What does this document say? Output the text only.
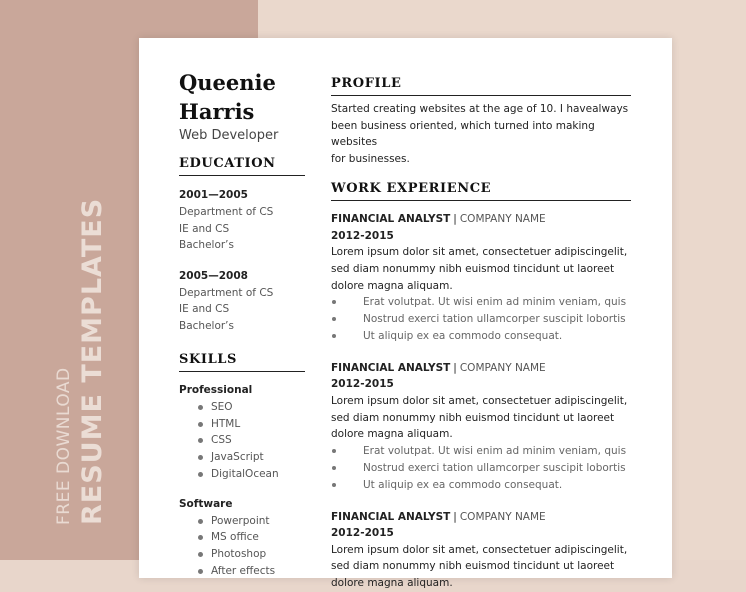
FREE DOWNLOAD RESUME TEMPLATES
Queenie
Harris
Web Developer
EDUCATION
2001—2005
Department of CS
IE and CS
Bachelor’s
2005—2008
Department of CS
IE and CS
Bachelor’s
SKILLS
Professional
SEO
HTML
CSS
JavaScript
DigitalOcean
Software
Powerpoint
MS office
Photoshop
After effects
PROFILE
Started creating websites at the age of 10. I havealways
been business oriented, which turned into making websites
for businesses.
WORK EXPERIENCE
FINANCIAL ANALYST | COMPANY NAME
2012-2015
Lorem ipsum dolor sit amet, consectetuer adipiscingelit,
sed diam nonummy nibh euismod tincidunt ut laoreet
dolore magna aliquam.
Erat volutpat. Ut wisi enim ad minim veniam, quis
Nostrud exerci tation ullamcorper suscipit lobortis
Ut aliquip ex ea commodo consequat.
FINANCIAL ANALYST | COMPANY NAME
2012-2015
Lorem ipsum dolor sit amet, consectetuer adipiscingelit,
sed diam nonummy nibh euismod tincidunt ut laoreet
dolore magna aliquam.
Erat volutpat. Ut wisi enim ad minim veniam, quis
Nostrud exerci tation ullamcorper suscipit lobortis
Ut aliquip ex ea commodo consequat.
FINANCIAL ANALYST | COMPANY NAME
2012-2015
Lorem ipsum dolor sit amet, consectetuer adipiscingelit,
sed diam nonummy nibh euismod tincidunt ut laoreet
dolore magna aliquam.
